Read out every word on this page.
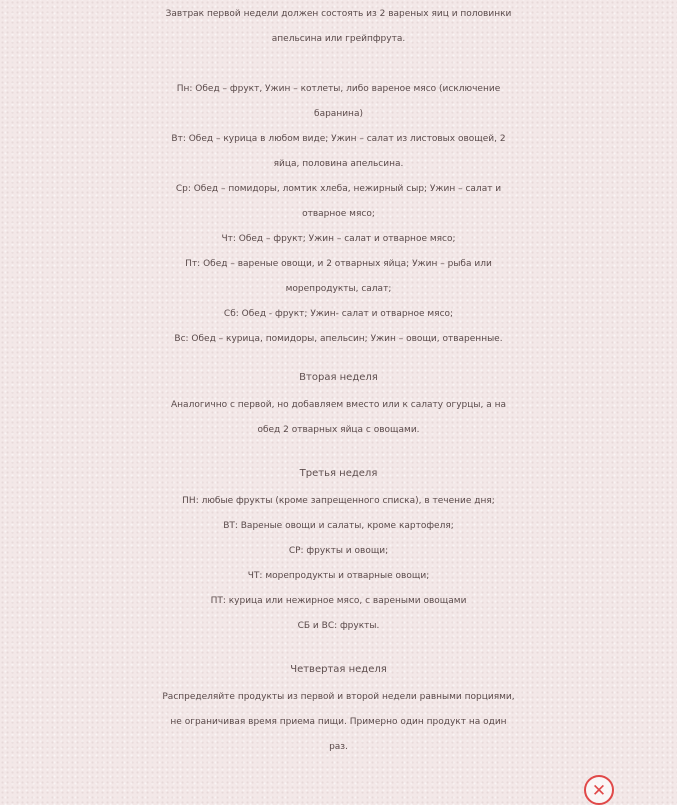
Завтрак первой недели должен состоять из 2 вареных яиц и половинки

апельсина или грейпфрута.

Пн: Обед – фрукт, Ужин – котлеты, либо вареное мясо (исключение

баранина)

Вт: Обед – курица в любом виде; Ужин – салат из листовых овощей, 2

яйца, половина апельсина.

Ср: Обед – помидоры, ломтик хлеба, нежирный сыр; Ужин – салат и

отварное мясо;

Чт: Обед – фрукт; Ужин – салат и отварное мясо;

Пт: Обед – вареные овощи, и 2 отварных яйца; Ужин – рыба или

морепродукты, салат;

Сб: Обед - фрукт; Ужин- салат и отварное мясо;

Вс: Обед – курица, помидоры, апельсин; Ужин – овощи, отваренные.

Вторая неделя

Аналогично с первой, но добавляем вместо или к салату огурцы, а на

обед 2 отварных яйца с овощами.

Третья неделя

ПН: любые фрукты (кроме запрещенного списка), в течение дня;

ВТ: Вареные овощи и салаты, кроме картофеля;

СР: фрукты и овощи;

ЧТ: морепродукты и отварные овощи;

ПТ: курица или нежирное мясо, с вареными овощами

СБ и ВС: фрукты.

Четвертая неделя

Распределяйте продукты из первой и второй недели равными порциями,

не ограничивая время приема пищи. Примерно один продукт на один

раз.

✕
